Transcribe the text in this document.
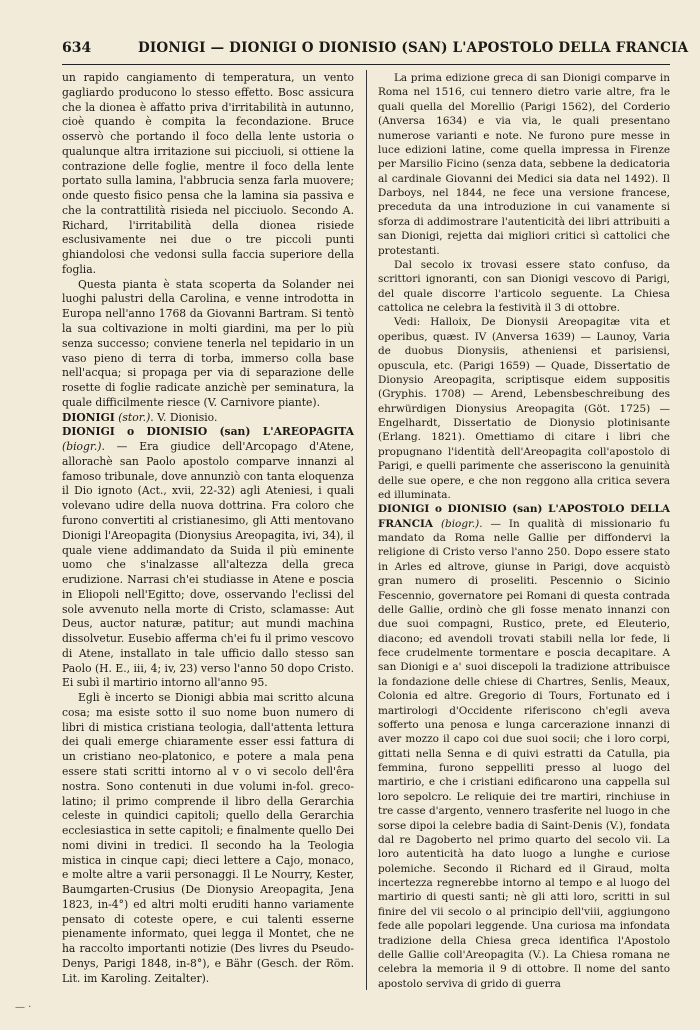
634	DIONIGI — DIONIGI O DIONISIO (SAN) L'APOSTOLO DELLA FRANCIA

un rapido cangiamento di temperatura, un vento gagliardo producono lo stesso effetto. Bosc assicura che la dionea è affatto priva d'irritabilità in autunno, cioè quando è compita la fecondazione. Bruce osservò che portando il foco della lente ustoria o qualunque altra irritazione sui picciuoli, si ottiene la contrazione delle foglie, mentre il foco della lente portato sulla lamina, l'abbrucia senza farla muovere; onde questo fisico pensa che la lamina sia passiva e che la contrattilità risieda nel picciuolo. Secondo A. Richard, l'irritabilità della dionea risiede esclusivamente nei due o tre piccoli punti ghiandolosi che vedonsi sulla faccia superiore della foglia.

Questa pianta è stata scoperta da Solander nei luoghi palustri della Carolina, e venne introdotta in Europa nell'anno 1768 da Giovanni Bartram. Si tentò la sua coltivazione in molti giardini, ma per lo più senza successo; conviene tenerla nel tepidario in un vaso pieno di terra di torba, immerso colla base nell'acqua; si propaga per via di separazione delle rosette di foglie radicate anzichè per seminatura, la quale difficilmente riesce (V. Carnivore piante).

DIONIGI (stor.). V. Dionisio.

DIONIGI o DIONISIO (san) L'AREOPAGITA (biogr.). — Era giudice dell'Arcopago d'Atene, allorachè san Paolo apostolo comparve innanzi al famoso tribunale, dove annunziò con tanta eloquenza il Dio ignoto (Act., xvii, 22-32) agli Ateniesi, i quali volevano udire della nuova dottrina. Fra coloro che furono convertiti al cristianesimo, gli Atti mentovano Dionigi l'Areopagita (Dionysius Areopagita, ivi, 34), il quale viene addimandato da Suida il più eminente uomo che s'inalzasse all'altezza della greca erudizione. Narrasi ch'ei studiasse in Atene e poscia in Eliopoli nell'Egitto; dove, osservando l'eclissi del sole avvenuto nella morte di Cristo, sclamasse: Aut Deus, auctor naturæ, patitur; aut mundi machina dissolvetur. Eusebio afferma ch'ei fu il primo vescovo di Atene, installato in tale ufficio dallo stesso san Paolo (H. E., iii, 4; iv, 23) verso l'anno 50 dopo Cristo. Ei subì il martirio intorno all'anno 95.

Egli è incerto se Dionigi abbia mai scritto alcuna cosa; ma esiste sotto il suo nome buon numero di libri di mistica cristiana teologia, dall'attenta lettura dei quali emerge chiaramente esser essi fattura di un cristiano neo-platonico, e potere a mala pena essere stati scritti intorno al v o vi secolo dell'êra nostra. Sono contenuti in due volumi in-fol. greco-latino; il primo comprende il libro della Gerarchia celeste in quindici capitoli; quello della Gerarchia ecclesiastica in sette capitoli; e finalmente quello Dei nomi divini in tredici. Il secondo ha la Teologia mistica in cinque capi; dieci lettere a Cajo, monaco, e molte altre a varii personaggi. Il Le Nourry, Kester, Baumgarten-Crusius (De Dionysio Areopagita, Jena 1823, in-4°) ed altri molti eruditi hanno variamente pensato di coteste opere, e cui talenti esserne pienamente informato, quei legga il Montet, che ne ha raccolto importanti notizie (Des livres du Pseudo-Denys, Parigi 1848, in-8°), e Bähr (Gesch. der Röm. Lit. im Karoling. Zeitalter).

La prima edizione greca di san Dionigi comparve in Roma nel 1516, cui tennero dietro varie altre, fra le quali quella del Morellio (Parigi 1562), del Corderio (Anversa 1634) e via via, le quali presentano numerose varianti e note. Ne furono pure messe in luce edizioni latine, come quella impressa in Firenze per Marsilio Ficino (senza data, sebbene la dedicatoria al cardinale Giovanni dei Medici sia data nel 1492). Il Darboys, nel 1844, ne fece una versione francese, preceduta da una introduzione in cui vanamente si sforza di addimostrare l'autenticità dei libri attribuiti a san Dionigi, rejetta dai migliori critici sì cattolici che protestanti.

Dal secolo ix trovasi essere stato confuso, da scrittori ignoranti, con san Dionigi vescovo di Parigi, del quale discorre l'articolo seguente. La Chiesa cattolica ne celebra la festività il 3 di ottobre.

Vedi: Halloix, De Dionysii Areopagitæ vita et operibus, quæst. IV (Anversa 1639) — Launoy, Varia de duobus Dionysiis, atheniensi et parisiensi, opuscula, etc. (Parigi 1659) — Quade, Dissertatio de Dionysio Areopagita, scriptisque eidem suppositis (Gryphis. 1708) — Arend, Lebensbeschreibung des ehrwürdigen Dionysius Areopagita (Göt. 1725) — Engelhardt, Dissertatio de Dionysio plotinisante (Erlang. 1821). Omettiamo di citare i libri che propugnano l'identità dell'Areopagita coll'apostolo di Parigi, e quelli parimente che asseriscono la genuinità delle sue opere, e che non reggono alla critica severa ed illuminata.

DIONIGI o DIONISIO (san) L'APOSTOLO DELLA FRANCIA (biogr.). — In qualità di missionario fu mandato da Roma nelle Gallie per diffondervi la religione di Cristo verso l'anno 250. Dopo essere stato in Arles ed altrove, giunse in Parigi, dove acquistò gran numero di proseliti. Pescennio o Sicinio Fescennio, governatore pei Romani di questa contrada delle Gallie, ordinò che gli fosse menato innanzi con due suoi compagni, Rustico, prete, ed Eleuterio, diacono; ed avendoli trovati stabili nella lor fede, li fece crudelmente tormentare e poscia decapitare. A san Dionigi e a' suoi discepoli la tradizione attribuisce la fondazione delle chiese di Chartres, Senlis, Meaux, Colonia ed altre. Gregorio di Tours, Fortunato ed i martirologi d'Occidente riferiscono ch'egli aveva sofferto una penosa e lunga carcerazione innanzi di aver mozzo il capo coi due suoi socii; che i loro corpi, gittati nella Senna e di quivi estratti da Catulla, pia femmina, furono seppelliti presso al luogo del martirio, e che i cristiani edificarono una cappella sul loro sepolcro. Le reliquie dei tre martiri, rinchiuse in tre casse d'argento, vennero trasferite nel luogo in che sorse dipoi la celebre badia di Saint-Denis (V.), fondata dal re Dagoberto nel primo quarto del secolo vii. La loro autenticità ha dato luogo a lunghe e curiose polemiche. Secondo il Richard ed il Giraud, molta incertezza regnerebbe intorno al tempo e al luogo del martirio di questi santi; nè gli atti loro, scritti in sul finire del vii secolo o al principio dell'viii, aggiungono fede alle popolari leggende. Una curiosa ma infondata tradizione della Chiesa greca identifica l'Apostolo delle Gallie coll'Areopagita (V.). La Chiesa romana ne celebra la memoria il 9 di ottobre. Il nome del santo apostolo serviva di grido di guerra

— ·
